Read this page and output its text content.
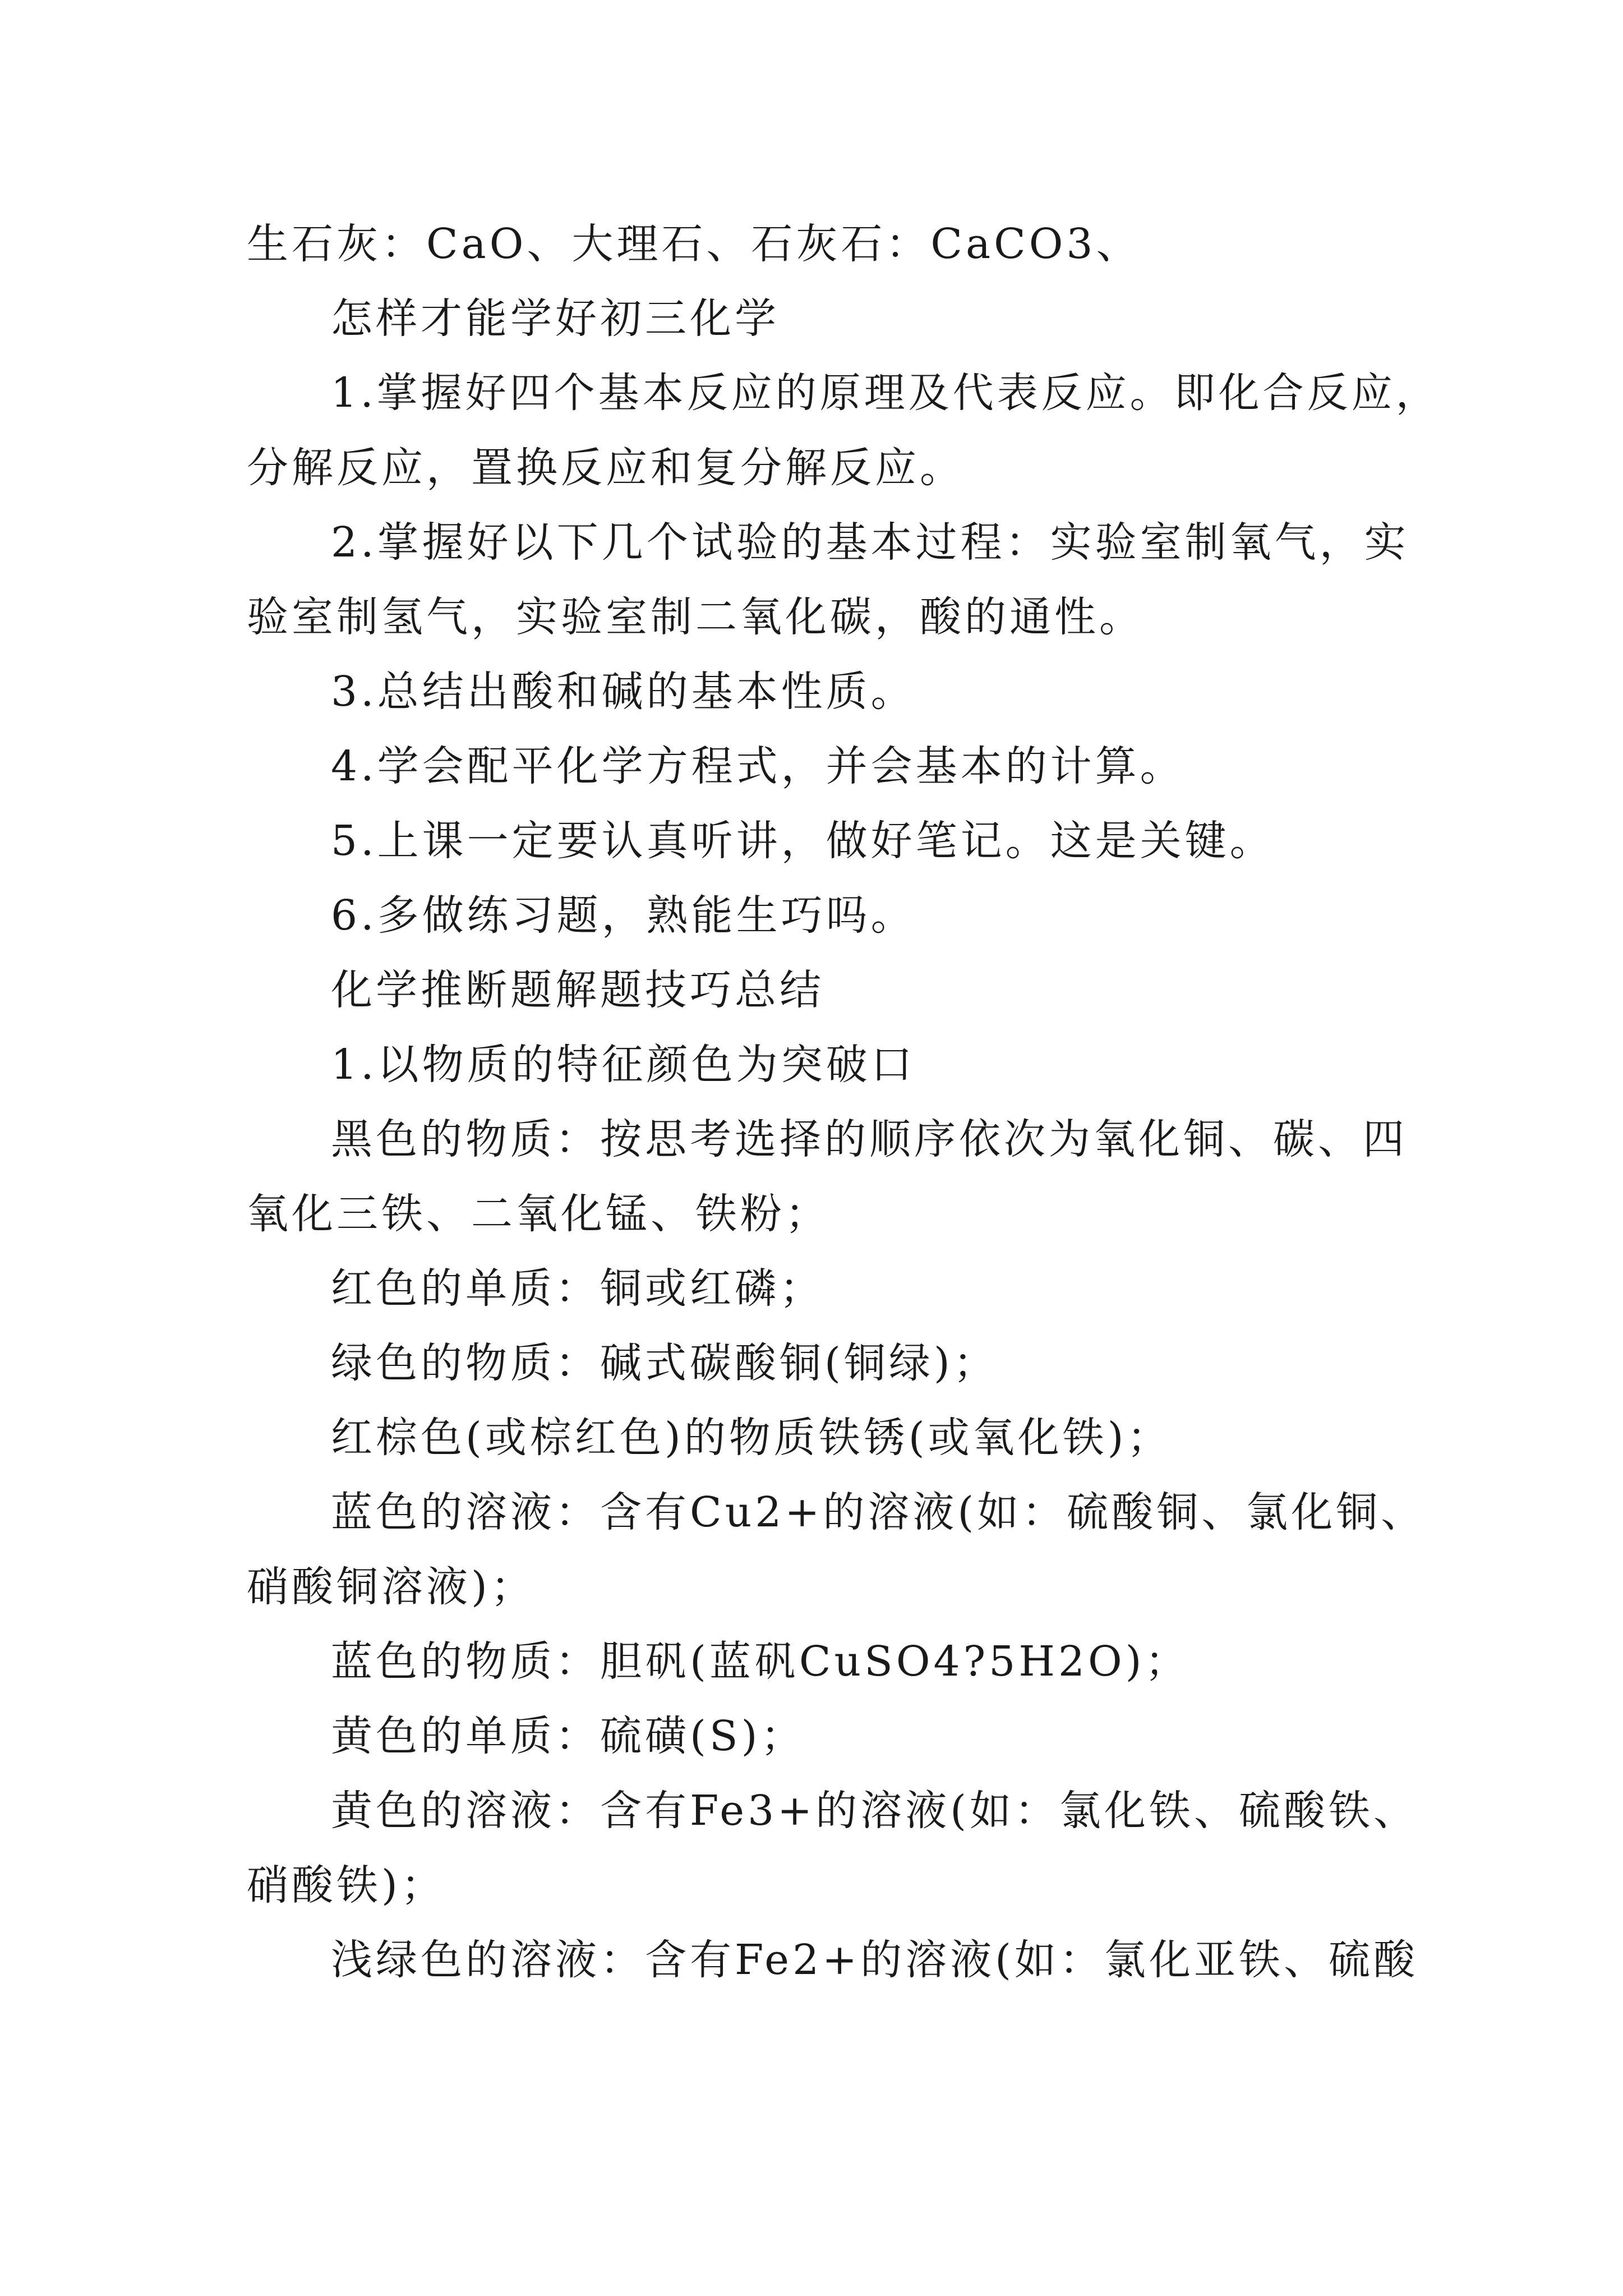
生石灰：CaO、大理石、石灰石：CaCO3、
怎样才能学好初三化学
1.掌握好四个基本反应的原理及代表反应。即化合反应，
分解反应，置换反应和复分解反应。
2.掌握好以下几个试验的基本过程：实验室制氧气，实
验室制氢气，实验室制二氧化碳，酸的通性。
3.总结出酸和碱的基本性质。
4.学会配平化学方程式，并会基本的计算。
5.上课一定要认真听讲，做好笔记。这是关键。
6.多做练习题，熟能生巧吗。
化学推断题解题技巧总结
1.以物质的特征颜色为突破口
黑色的物质：按思考选择的顺序依次为氧化铜、碳、四
氧化三铁、二氧化锰、铁粉；
红色的单质：铜或红磷；
绿色的物质：碱式碳酸铜(铜绿)；
红棕色(或棕红色)的物质铁锈(或氧化铁)；
蓝色的溶液：含有Cu2+的溶液(如：硫酸铜、氯化铜、
硝酸铜溶液)；
蓝色的物质：胆矾(蓝矾CuSO4?5H2O)；
黄色的单质：硫磺(S)；
黄色的溶液：含有Fe3+的溶液(如：氯化铁、硫酸铁、
硝酸铁)；
浅绿色的溶液：含有Fe2+的溶液(如：氯化亚铁、硫酸
